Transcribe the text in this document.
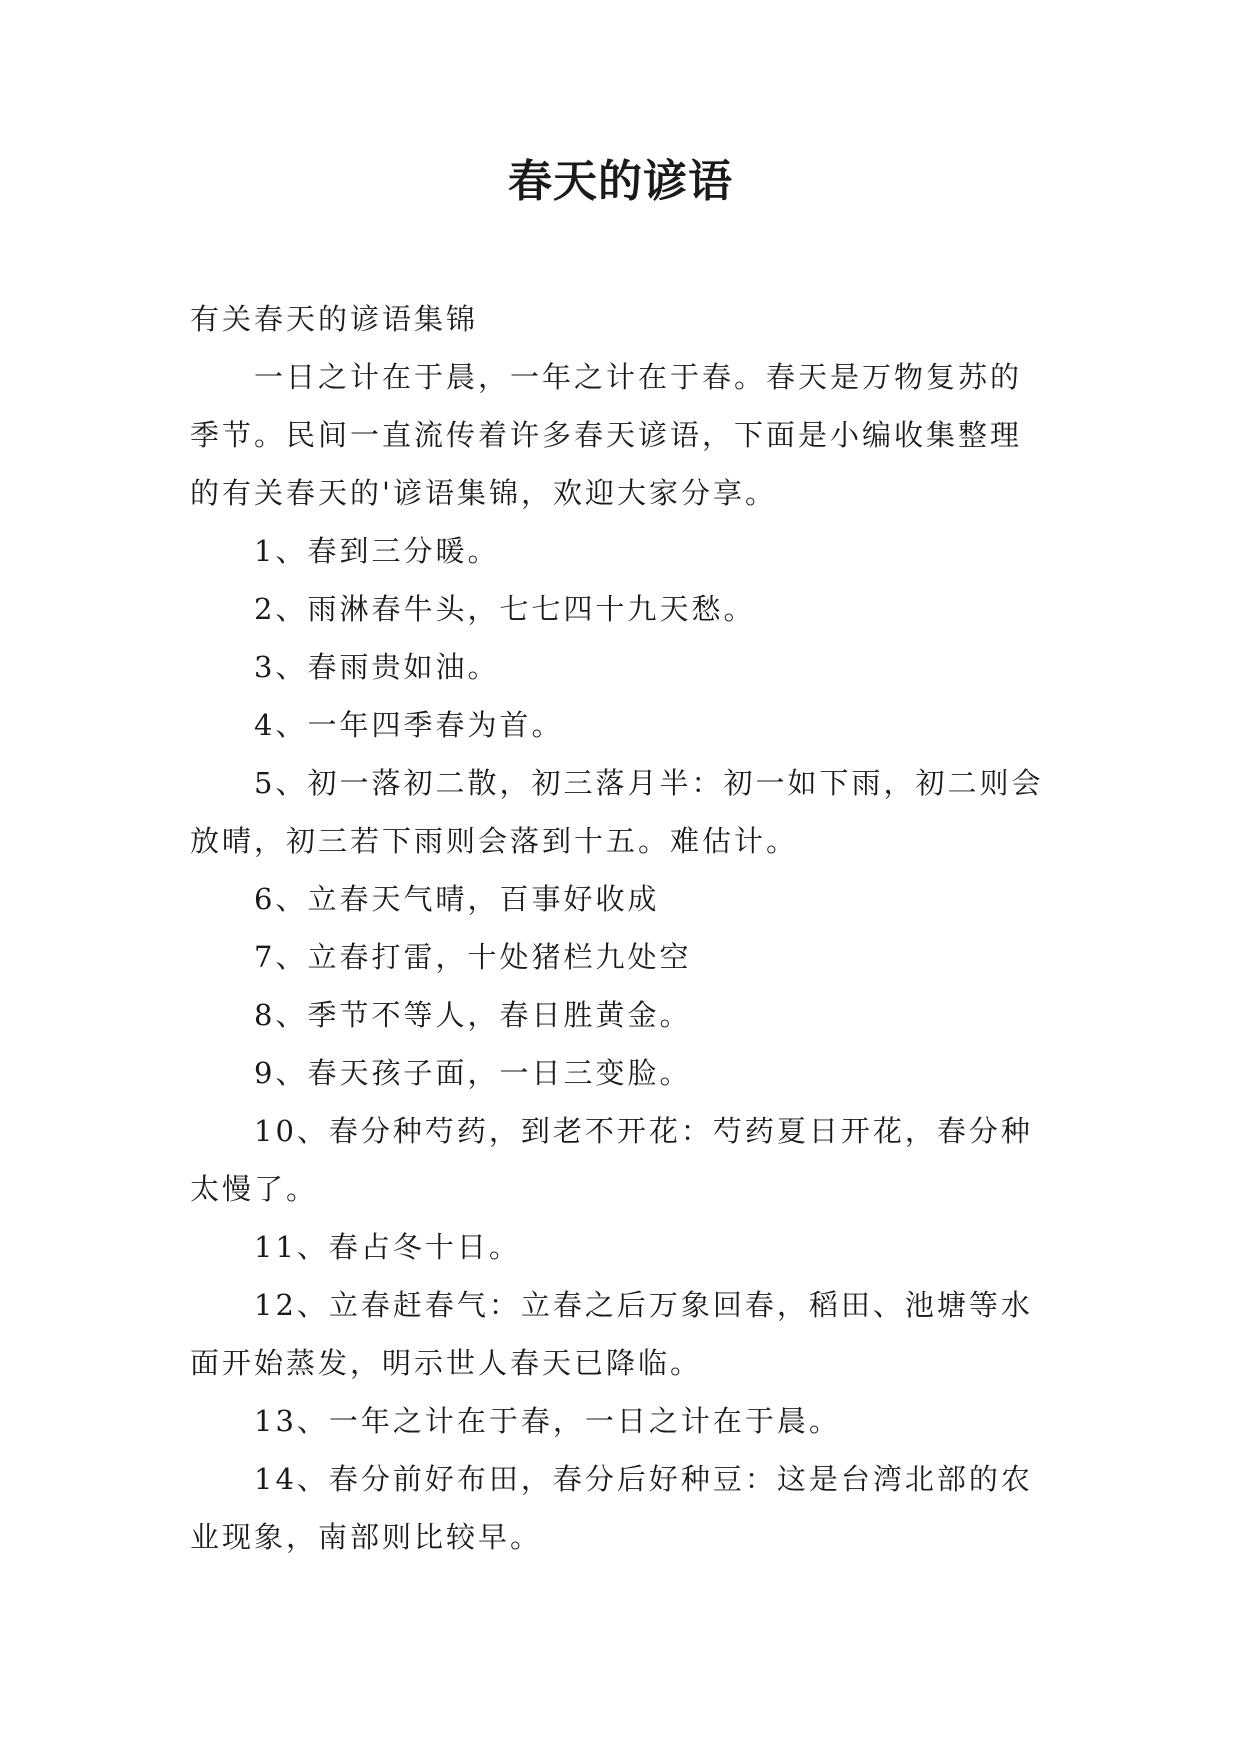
春天的谚语

有关春天的谚语集锦

一日之计在于晨，一年之计在于春。春天是万物复苏的季节。民间一直流传着许多春天谚语，下面是小编收集整理的有关春天的'谚语集锦，欢迎大家分享。

1、春到三分暖。

2、雨淋春牛头，七七四十九天愁。

3、春雨贵如油。

4、一年四季春为首。

5、初一落初二散，初三落月半：初一如下雨，初二则会放晴，初三若下雨则会落到十五。难估计。

6、立春天气晴，百事好收成

7、立春打雷，十处猪栏九处空

8、季节不等人，春日胜黄金。

9、春天孩子面，一日三变脸。

10、春分种芍药，到老不开花：芍药夏日开花，春分种太慢了。

11、春占冬十日。

12、立春赶春气：立春之后万象回春，稻田、池塘等水面开始蒸发，明示世人春天已降临。

13、一年之计在于春，一日之计在于晨。

14、春分前好布田，春分后好种豆：这是台湾北部的农业现象，南部则比较早。
